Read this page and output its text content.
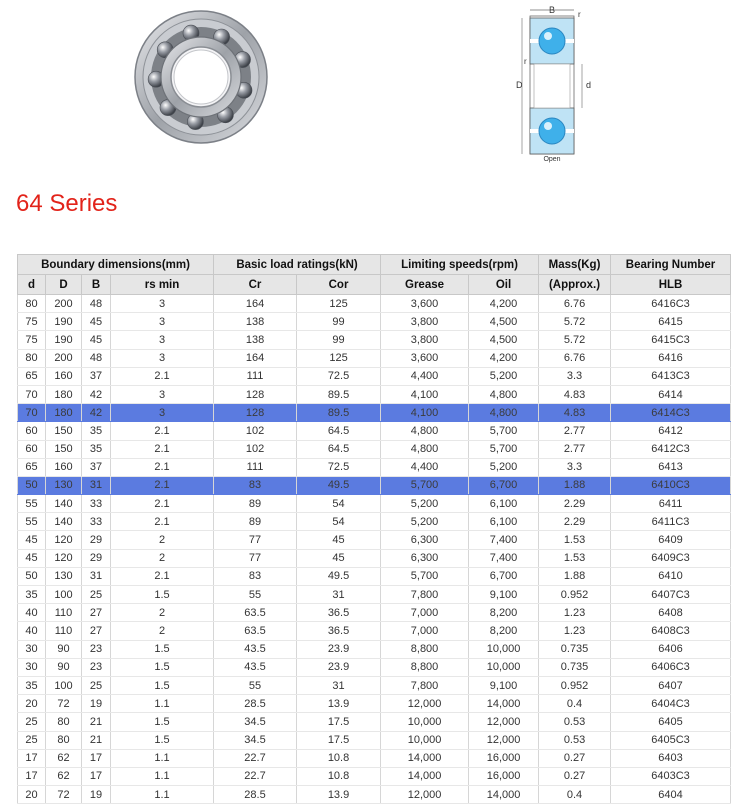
B	r
D	d
r
Open
64 Series
Boundary dimensions(mm)				Basic load ratings(kN)		Limiting speeds(rpm)		Mass(Kg)	Bearing Number
d	D	B	rs min	Cr	Cor	Grease	Oil	(Approx.)	HLB
80	200	48	3	164	125	3,600	4,200	6.76	6416C3
75	190	45	3	138	99	3,800	4,500	5.72	6415
75	190	45	3	138	99	3,800	4,500	5.72	6415C3
80	200	48	3	164	125	3,600	4,200	6.76	6416
65	160	37	2.1	111	72.5	4,400	5,200	3.3	6413C3
70	180	42	3	128	89.5	4,100	4,800	4.83	6414
70	180	42	3	128	89.5	4,100	4,800	4.83	6414C3
60	150	35	2.1	102	64.5	4,800	5,700	2.77	6412
60	150	35	2.1	102	64.5	4,800	5,700	2.77	6412C3
65	160	37	2.1	111	72.5	4,400	5,200	3.3	6413
50	130	31	2.1	83	49.5	5,700	6,700	1.88	6410C3
55	140	33	2.1	89	54	5,200	6,100	2.29	6411
55	140	33	2.1	89	54	5,200	6,100	2.29	6411C3
45	120	29	2	77	45	6,300	7,400	1.53	6409
45	120	29	2	77	45	6,300	7,400	1.53	6409C3
50	130	31	2.1	83	49.5	5,700	6,700	1.88	6410
35	100	25	1.5	55	31	7,800	9,100	0.952	6407C3
40	110	27	2	63.5	36.5	7,000	8,200	1.23	6408
40	110	27	2	63.5	36.5	7,000	8,200	1.23	6408C3
30	90	23	1.5	43.5	23.9	8,800	10,000	0.735	6406
30	90	23	1.5	43.5	23.9	8,800	10,000	0.735	6406C3
35	100	25	1.5	55	31	7,800	9,100	0.952	6407
20	72	19	1.1	28.5	13.9	12,000	14,000	0.4	6404C3
25	80	21	1.5	34.5	17.5	10,000	12,000	0.53	6405
25	80	21	1.5	34.5	17.5	10,000	12,000	0.53	6405C3
17	62	17	1.1	22.7	10.8	14,000	16,000	0.27	6403
17	62	17	1.1	22.7	10.8	14,000	16,000	0.27	6403C3
20	72	19	1.1	28.5	13.9	12,000	14,000	0.4	6404
